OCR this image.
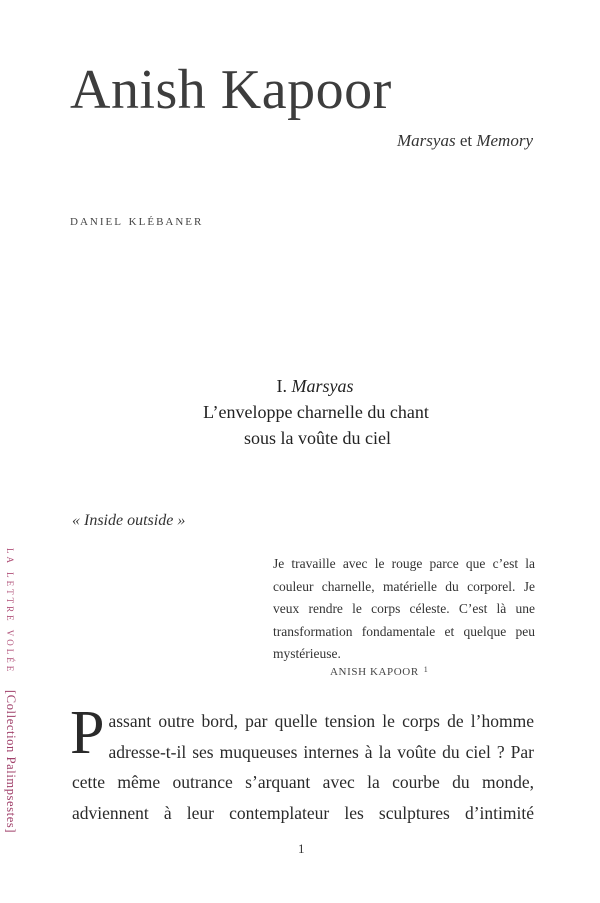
Anish Kapoor
Marsyas et Memory
daniel klébaner
I. Marsyas
L’enveloppe charnelle du chant
sous la voûte du ciel
« Inside outside »
Je travaille avec le rouge parce que c’est la couleur charnelle, matérielle du corporel. Je veux rendre le corps céleste. C’est là une transformation fondamentale et quelque peu mystérieuse.
ANISH KAPOOR $^1$
Passant outre bord, par quelle tension le corps de l’homme adresse-t-il ses muqueuses internes à la voûte du ciel ? Par cette même outrance s’arquant avec la courbe du monde, adviennent à leur contemplateur les sculptures d’intimité
1
la lettre volée [Collection Palimpsestes]
